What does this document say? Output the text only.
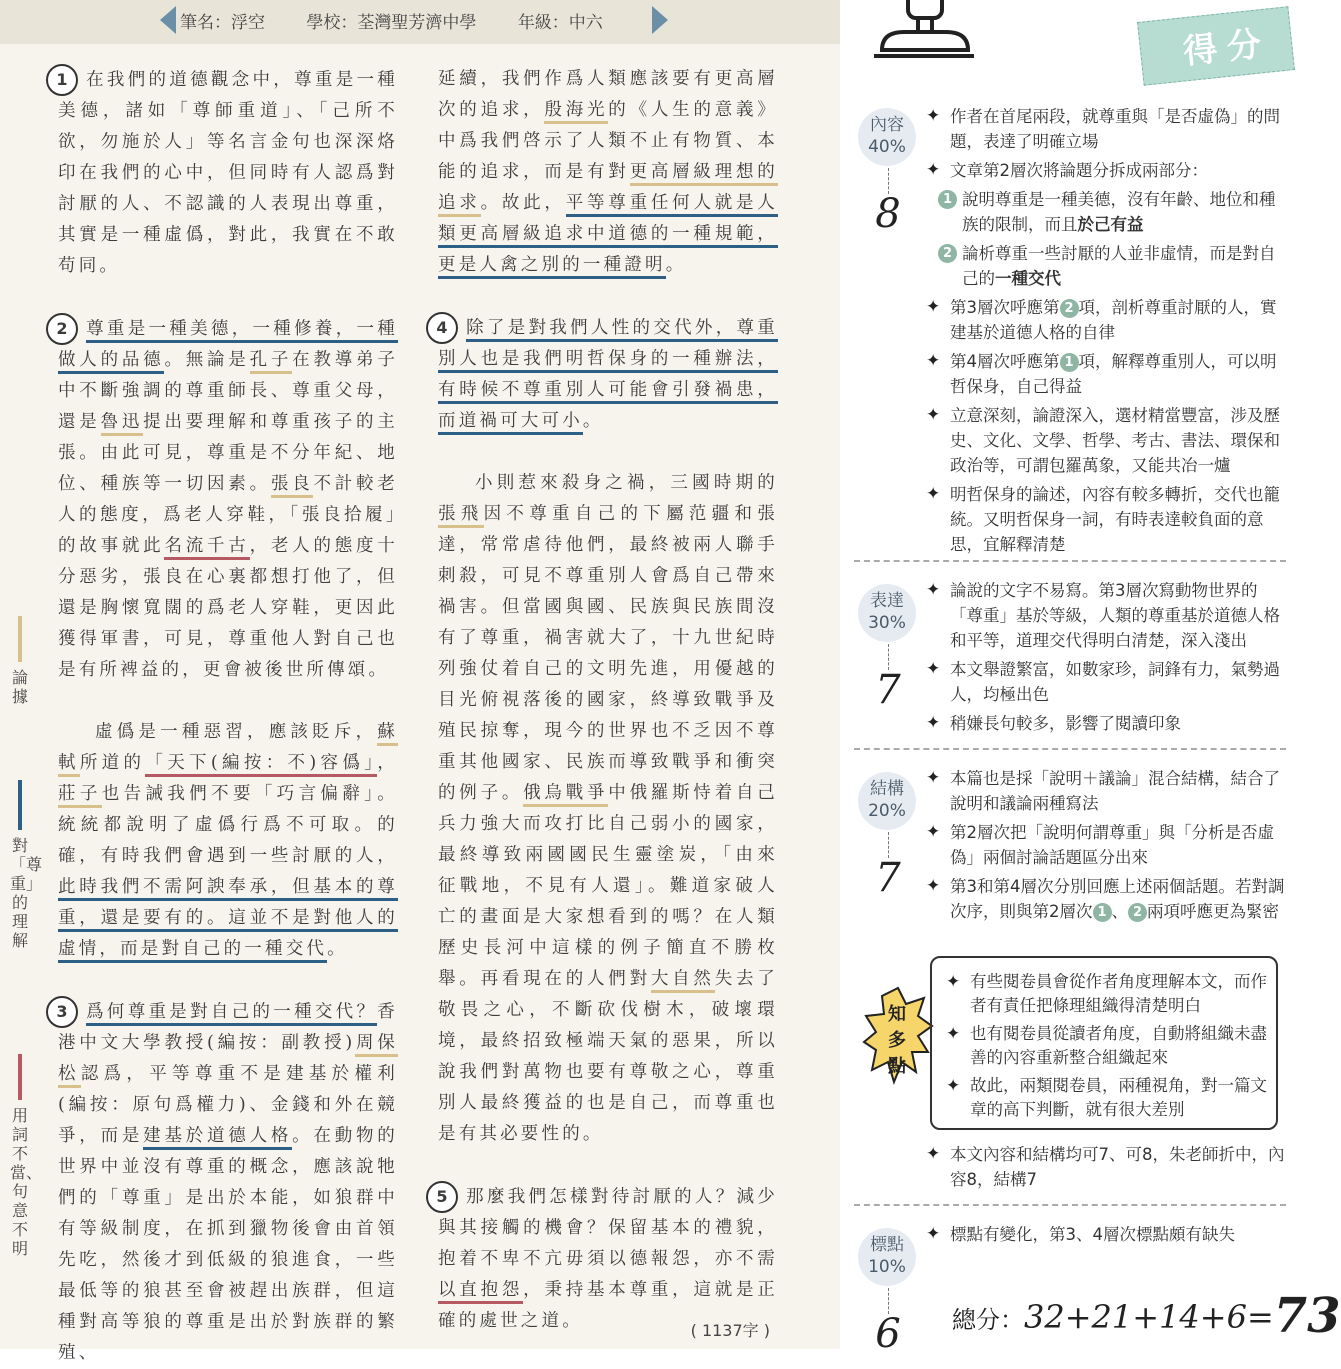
筆名：浮空 學校：荃灣聖芳濟中學 年級：中六

1 在我們的道德觀念中，尊重是一種美德，諸如「尊師重道」、「己所不欲，勿施於人」等名言金句也深深烙印在我們的心中，但同時有人認爲對討厭的人、不認識的人表現出尊重，其實是一種虛僞，對此，我實在不敢苟同。

2 尊重是一種美德，一種修養，一種做人的品德。無論是孔子在教導弟子中不斷強調的尊重師長、尊重父母，還是魯迅提出要理解和尊重孩子的主張。由此可見，尊重是不分年紀、地位、種族等一切因素。張良不計較老人的態度，爲老人穿鞋，「張良拾履」的故事就此名流千古，老人的態度十分惡劣，張良在心裏都想打他了，但還是胸懷寬闊的爲老人穿鞋，更因此獲得軍書，可見，尊重他人對自己也是有所裨益的，更會被後世所傳頌。

虛僞是一種惡習，應該貶斥，蘇軾所道的「天下(編按：不)容僞」，莊子也告誡我們不要「巧言偏辭」。統統都說明了虛僞行爲不可取。的確，有時我們會遇到一些討厭的人，此時我們不需阿諛奉承，但基本的尊重，還是要有的。這並不是對他人的虛情，而是對自己的一種交代。

3 爲何尊重是對自己的一種交代？香港中文大學教授(編按：副教授)周保松認爲，平等尊重不是建基於權利(編按：原句爲權力)、金錢和外在競爭，而是建基於道德人格。在動物的世界中並沒有尊重的概念，應該說牠們的「尊重」是出於本能，如狼群中有等級制度，在抓到獵物後會由首領先吃，然後才到低級的狼進食，一些最低等的狼甚至會被趕出族群，但這種對高等狼的尊重是出於對族群的繁殖、

延續，我們作爲人類應該要有更高層次的追求，殷海光的《人生的意義》中爲我們啓示了人類不止有物質、本能的追求，而是有對更高層級理想的追求。故此，平等尊重任何人就是人類更高層級追求中道德的一種規範，更是人禽之別的一種證明。

4 除了是對我們人性的交代外，尊重別人也是我們明哲保身的一種辦法，有時候不尊重別人可能會引發禍患，而道禍可大可小。

小則惹來殺身之禍，三國時期的張飛因不尊重自己的下屬范疆和張達，常常虐待他們，最終被兩人聯手刺殺，可見不尊重別人會爲自己帶來禍害。但當國與國、民族與民族間沒有了尊重，禍害就大了，十九世紀時列強仗着自己的文明先進，用優越的目光俯視落後的國家，終導致戰爭及殖民掠奪，現今的世界也不乏因不尊重其他國家、民族而導致戰爭和衝突的例子。俄烏戰爭中俄羅斯恃着自己兵力強大而攻打比自己弱小的國家，最終導致兩國國民生靈塗炭，「由來征戰地，不見有人還」。難道家破人亡的畫面是大家想看到的嗎？在人類歷史長河中這樣的例子簡直不勝枚舉。再看現在的人們對大自然失去了敬畏之心，不斷砍伐樹木，破壞環境，最終招致極端天氣的惡果，所以說我們對萬物也要有尊敬之心，尊重別人最終獲益的也是自己，而尊重也是有其必要性的。

5 那麼我們怎樣對待討厭的人？減少與其接觸的機會？保留基本的禮貌，抱着不卑不亢毋須以德報怨，亦不需以直抱怨，秉持基本尊重，這就是正確的處世之道。	( 1137字 )
論據
對「尊重」的理解
用詞不當、句意不明
得分
內容
40%
8
✦ 作者在首尾兩段，就尊重與「是否虛偽」的問題，表達了明確立場
✦ 文章第2層次將論題分拆成兩部分：
1 說明尊重是一種美德，沒有年齡、地位和種族的限制，而且於己有益
2 論析尊重一些討厭的人並非虛情，而是對自己的一種交代
✦ 第3層次呼應第 2 項，剖析尊重討厭的人，實建基於道德人格的自律
✦ 第4層次呼應第 1 項，解釋尊重別人，可以明哲保身，自己得益
✦ 立意深刻，論證深入，選材精當豐富，涉及歷史、文化、文學、哲學、考古、書法、環保和政治等，可謂包羅萬象，又能共冶一爐
✦ 明哲保身的論述，內容有較多轉折，交代也籠統。又明哲保身一詞，有時表達較負面的意思，宜解釋清楚
表達
30%
7
✦ 論說的文字不易寫。第3層次寫動物世界的「尊重」基於等級，人類的尊重基於道德人格和平等，道理交代得明白清楚，深入淺出
✦ 本文舉證繁富，如數家珍，詞鋒有力，氣勢過人，均極出色
✦ 稍嫌長句較多，影響了閱讀印象
結構
20%
7
✦ 本篇也是採「說明＋議論」混合結構，結合了說明和議論兩種寫法
✦ 第2層次把「說明何謂尊重」與「分析是否虛偽」兩個討論話題區分出來
✦ 第3和第4層次分別回應上述兩個話題。若對調次序，則與第2層次 1 、 2 兩項呼應更為緊密
知
多
點
✦ 有些閱卷員會從作者角度理解本文，而作者有責任把條理組織得清楚明白
✦ 也有閱卷員從讀者角度，自動將組織未盡善的內容重新整合組織起來
✦ 故此，兩類閱卷員，兩種視角，對一篇文章的高下判斷，就有很大差別
✦ 本文內容和結構均可7、可8，朱老師折中，內容8，結構7
標點
10%
6
✦ 標點有變化，第3、4層次標點頗有缺失
總分：32+21+14+6=73
